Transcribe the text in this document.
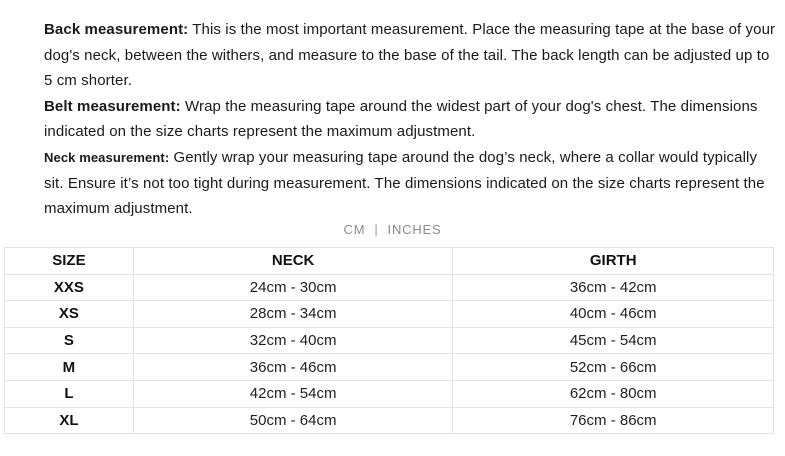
Back measurement: This is the most important measurement. Place the measuring tape at the base of your dog's neck, between the withers, and measure to the base of the tail. The back length can be adjusted up to 5 cm shorter.

Belt measurement: Wrap the measuring tape around the widest part of your dog's chest. The dimensions indicated on the size charts represent the maximum adjustment.

Neck measurement: Gently wrap your measuring tape around the dog’s neck, where a collar would typically sit. Ensure it’s not too tight during measurement. The dimensions indicated on the size charts represent the maximum adjustment.

CM | INCHES
SIZE	NECK	GIRTH
XXS	24cm - 30cm	36cm - 42cm
XS	28cm - 34cm	40cm - 46cm
S	32cm - 40cm	45cm - 54cm
M	36cm - 46cm	52cm - 66cm
L	42cm - 54cm	62cm - 80cm
XL	50cm - 64cm	76cm - 86cm
